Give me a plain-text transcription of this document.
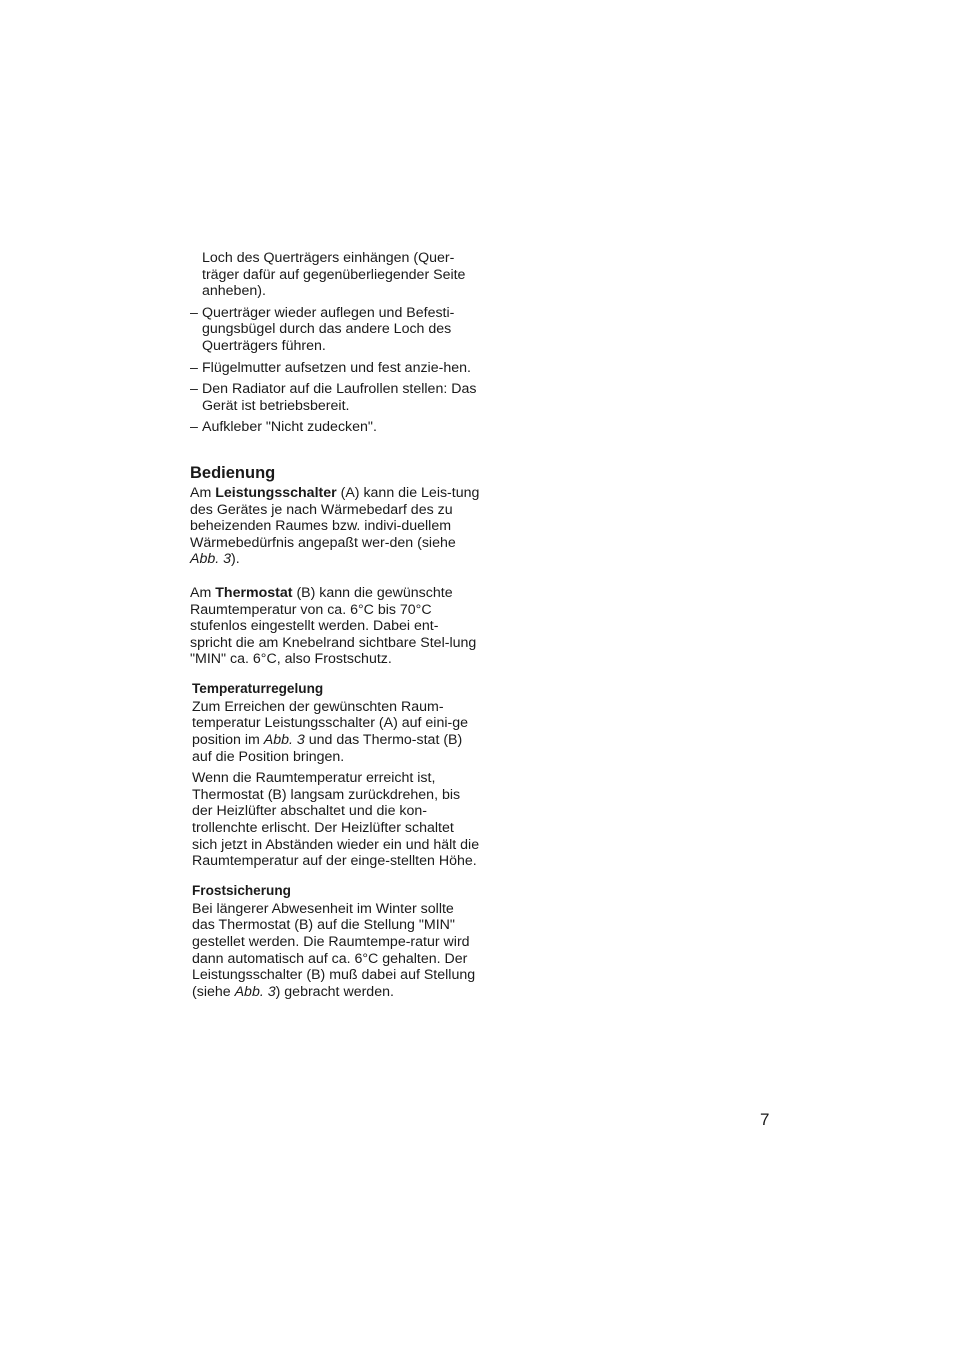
Loch des Querträgers einhängen (Quer-träger dafür auf gegenüberliegender Seite anheben).

– Querträger wieder auflegen und Befesti-gungsbügel durch das andere Loch des Querträgers führen.
– Flügelmutter aufsetzen und fest anzie-hen.
– Den Radiator auf die Laufrollen stellen: Das Gerät ist betriebsbereit.
– Aufkleber "Nicht zudecken".
Bedienung

Am Leistungsschalter (A) kann die Leis-tung des Gerätes je nach Wärmebedarf des zu beheizenden Raumes bzw. indivi-duellem Wärmebedürfnis angepaßt wer-den (siehe Abb. 3).

Am Thermostat (B) kann die gewünschte Raumtemperatur von ca. 6°C bis 70°C stufenlos eingestellt werden. Dabei ent-spricht die am Knebelrand sichtbare Stel-lung "MIN" ca. 6°C, also Frostschutz.

Temperaturregelung

Zum Erreichen der gewünschten Raum-temperatur Leistungsschalter (A) auf eini-ge position im Abb. 3 und das Thermo-stat (B) auf die Position bringen.

Wenn die Raumtemperatur erreicht ist, Thermostat (B) langsam zurückdrehen, bis der Heizlüfter abschaltet und die kon-trollenchte erlischt. Der Heizlüfter schaltet sich jetzt in Abständen wieder ein und hält die Raumtemperatur auf der einge-stellten Höhe.

Frostsicherung

Bei längerer Abwesenheit im Winter sollte das Thermostat (B) auf die Stellung "MIN" gestellet werden. Die Raumtempe-ratur wird dann automatisch auf ca. 6°C gehalten. Der Leistungsschalter (B) muß dabei auf Stellung (siehe Abb. 3) gebracht werden.

7
